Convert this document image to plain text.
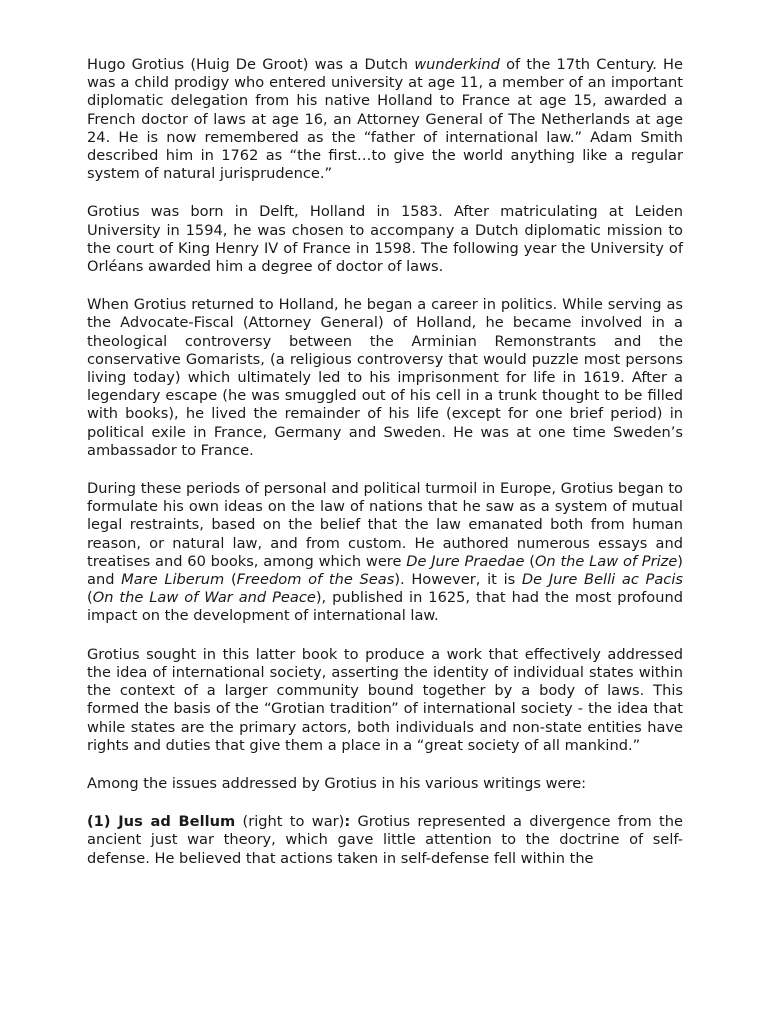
Hugo Grotius (Huig De Groot) was a Dutch wunderkind of the 17th Century. He was a child prodigy who entered university at age 11, a member of an important diplomatic delegation from his native Holland to France at age 15, awarded a French doctor of laws at age 16, an Attorney General of The Netherlands at age 24. He is now remembered as the “father of international law.” Adam Smith described him in 1762 as “the first…to give the world anything like a regular system of natural jurisprudence.”

Grotius was born in Delft, Holland in 1583. After matriculating at Leiden University in 1594, he was chosen to accompany a Dutch diplomatic mission to the court of King Henry IV of France in 1598. The following year the University of Orléans awarded him a degree of doctor of laws.

When Grotius returned to Holland, he began a career in politics. While serving as the Advocate-Fiscal (Attorney General) of Holland, he became involved in a theological controversy between the Arminian Remonstrants and the conservative Gomarists, (a religious controversy that would puzzle most persons living today) which ultimately led to his imprisonment for life in 1619. After a legendary escape (he was smuggled out of his cell in a trunk thought to be filled with books), he lived the remainder of his life (except for one brief period) in political exile in France, Germany and Sweden. He was at one time Sweden’s ambassador to France.

During these periods of personal and political turmoil in Europe, Grotius began to formulate his own ideas on the law of nations that he saw as a system of mutual legal restraints, based on the belief that the law emanated both from human reason, or natural law, and from custom. He authored numerous essays and treatises and 60 books, among which were De Jure Praedae (On the Law of Prize) and Mare Liberum (Freedom of the Seas). However, it is De Jure Belli ac Pacis (On the Law of War and Peace), published in 1625, that had the most profound impact on the development of international law.

Grotius sought in this latter book to produce a work that effectively addressed the idea of international society, asserting the identity of individual states within the context of a larger community bound together by a body of laws. This formed the basis of the “Grotian tradition” of international society - the idea that while states are the primary actors, both individuals and non-state entities have rights and duties that give them a place in a “great society of all mankind.”

Among the issues addressed by Grotius in his various writings were:

(1) Jus ad Bellum (right to war): Grotius represented a divergence from the ancient just war theory, which gave little attention to the doctrine of self-defense. He believed that actions taken in self-defense fell within the
